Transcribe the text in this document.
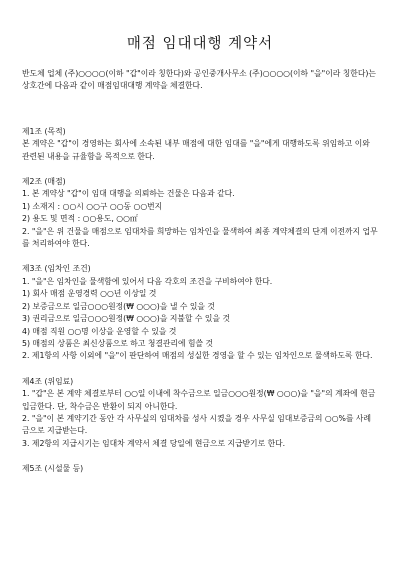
매점 임대대행 계약서

반도체 업체 (주)○○○○(이하 "갑"이라 칭한다)와 공인중개사무소 (주)○○○○(이하 "을"이라 칭한다)는 상호간에 다음과 같이 매점임대대행 계약을 체결한다.

제1조 (목적)

본 계약은 "갑"이 경영하는 회사에 소속된 내부 매점에 대한 임대를 "을"에게 대행하도록 위임하고 이와 관련된 내용을 규율함을 목적으로 한다.

제2조 (매점)

1. 본 계약상 "갑"이 임대 대행을 의뢰하는 건물은 다음과 같다.

1) 소재지 : ○○시 ○○구 ○○동 ○○번지

2) 용도 및 면적 : ○○용도, ○○㎡

2. "을"은 위 건물을 매점으로 임대차를 희망하는 임차인을 물색하여 최종 계약체결의 단계 이전까지 업무를 처리하여야 한다.

제3조 (임차인 조건)

1. "을"은 임차인을 물색함에 있어서 다음 각호의 조건을 구비하여야 한다.

1) 회사 매점 운영경력 ○○년 이상일 것

2) 보증금으로 일금○○○원정(₩ ○○○)을 낼 수 있을 것

3) 권리금으로 일금○○○원정(₩ ○○○)을 지불할 수 있을 것

4) 매점 직원 ○○명 이상을 운영할 수 있을 것

5) 매점의 상품은 최신상품으로 하고 청결관리에 힘쓸 것

2. 제1항의 사항 이외에 "을"이 판단하여 매점의 성실한 경영을 할 수 있는 임차인으로 물색하도록 한다.

제4조 (위임료)

1. "갑"은 본 계약 체결로부터 ○○일 이내에 착수금으로 일금○○○원정(₩ ○○○)을 "을"의 계좌에 현금 입금한다. 단, 착수금은 반환이 되지 아니한다.

2. "을"이 본 계약기간 동안 각 사무실의 임대차를 성사 시켰을 경우 사무실 임대보증금의 ○○%를 사례금으로 지급받는다.

3. 제2항의 지급시기는 임대차 계약서 체결 당일에 현금으로 지급받기로 한다.

제5조 (시설물 등)
